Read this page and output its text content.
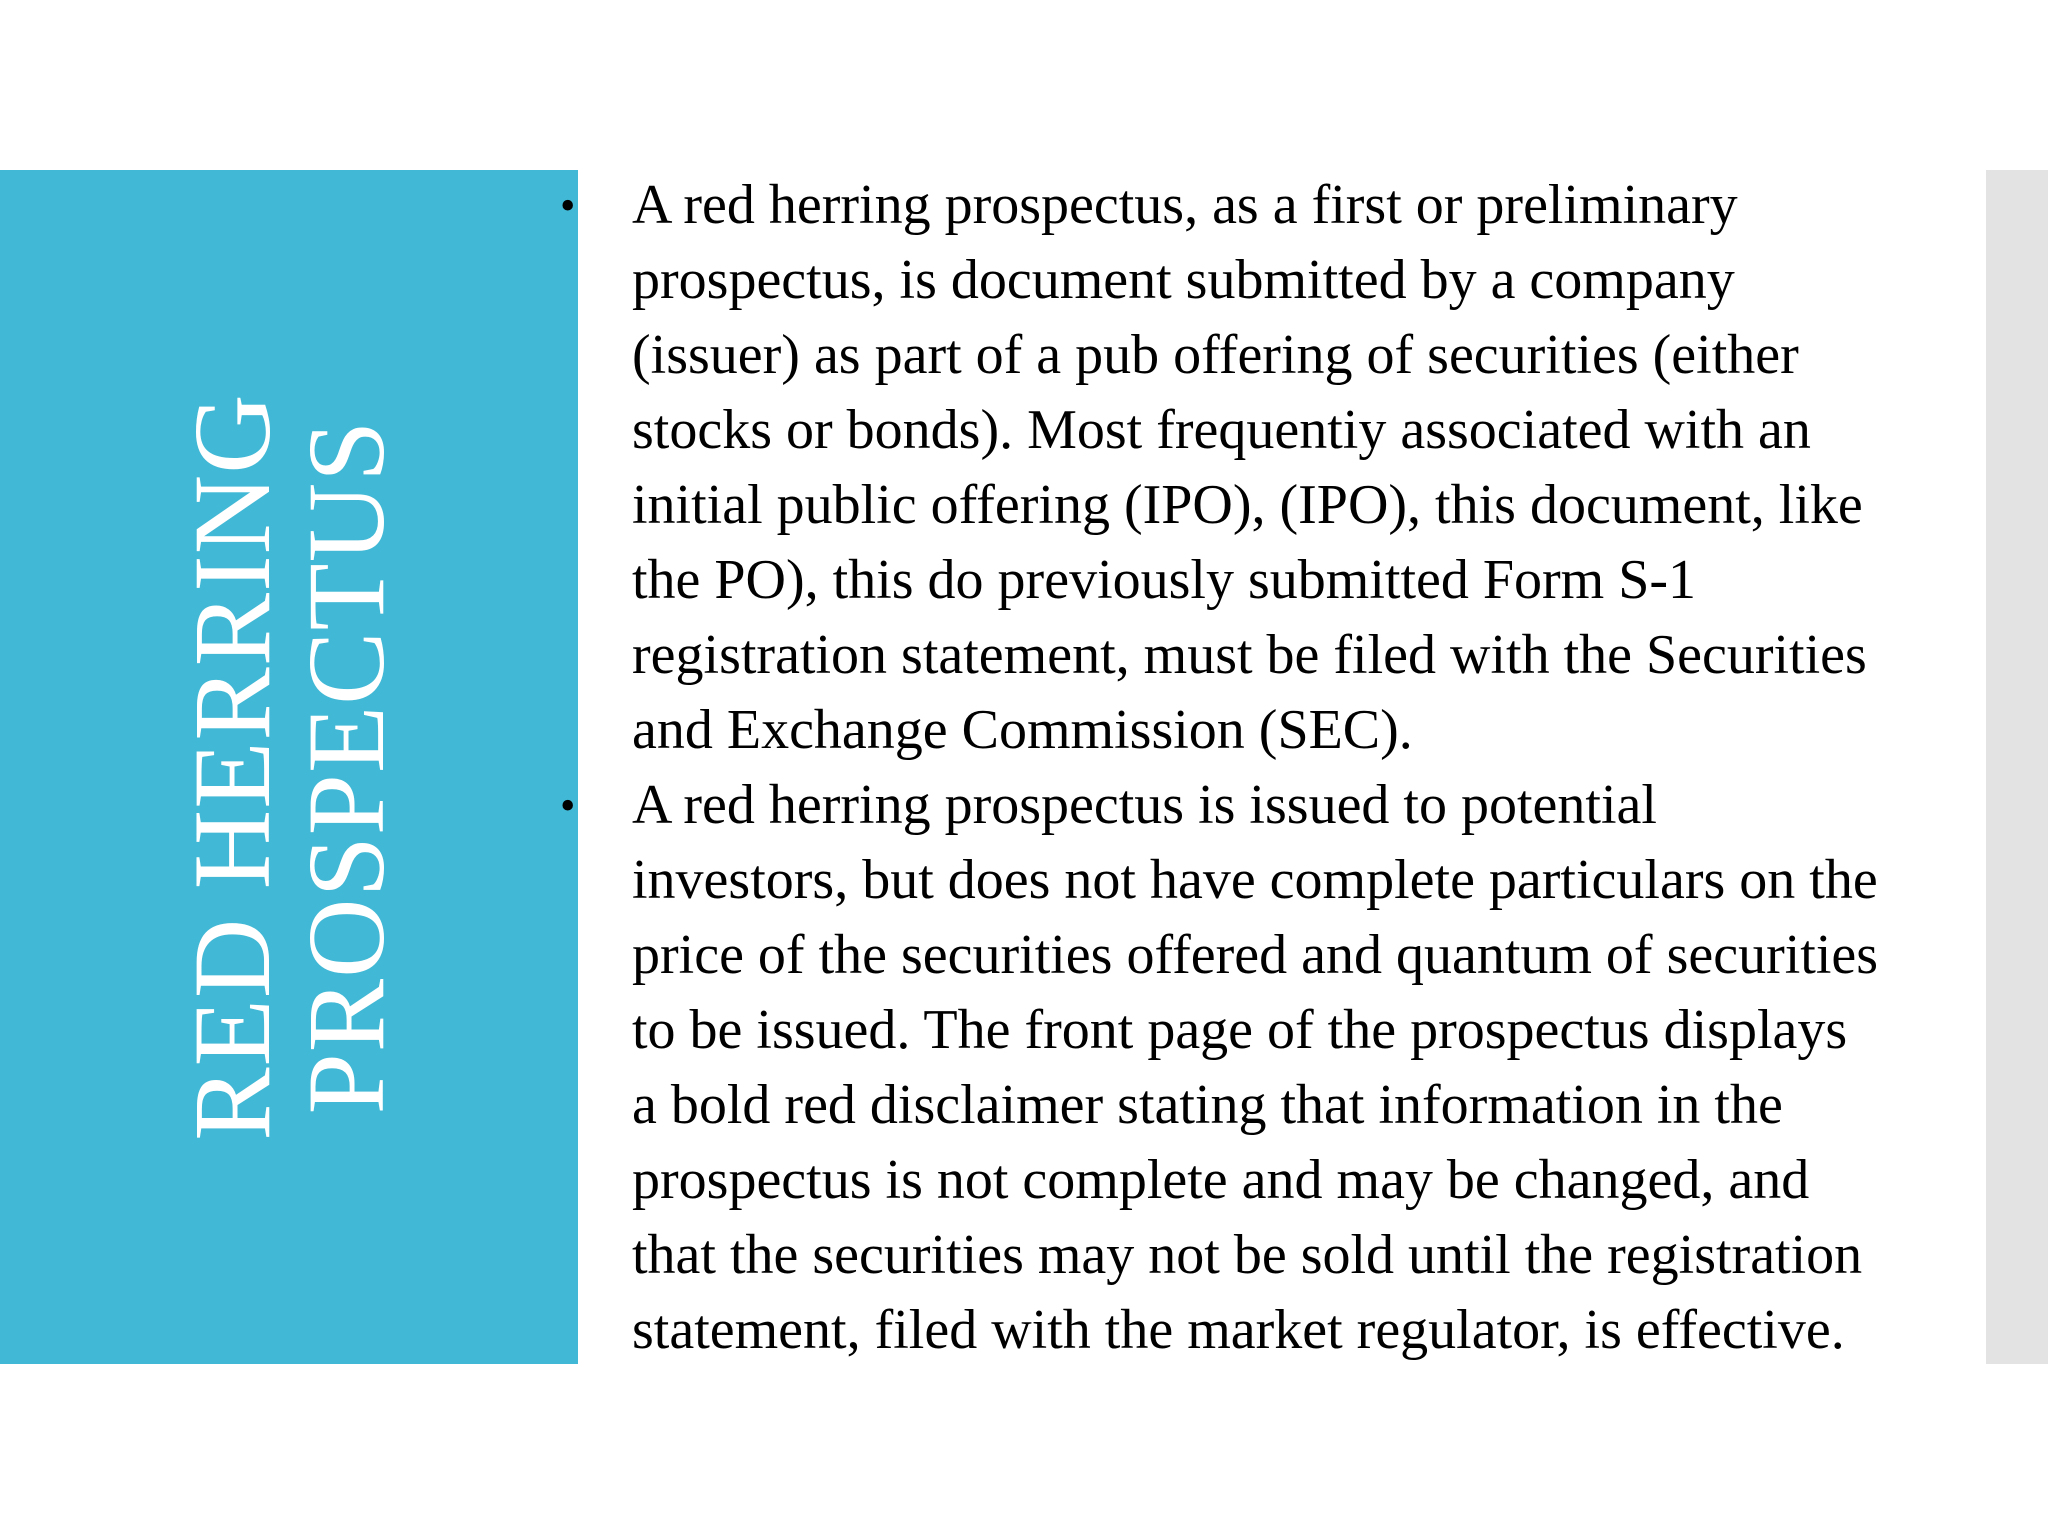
RED HERRING
PROSPECTUS
• A red herring prospectus, as a first or preliminary
prospectus, is document submitted by a company
(issuer) as part of a pub offering of securities (either
stocks or bonds). Most frequentiy associated with an
initial public offering (IPO), (IPO), this document, like
the PO), this do previously submitted Form S-1
registration statement, must be filed with the Securities
and Exchange Commission (SEC).
• A red herring prospectus is issued to potential
investors, but does not have complete particulars on the
price of the securities offered and quantum of securities
to be issued. The front page of the prospectus displays
a bold red disclaimer stating that information in the
prospectus is not complete and may be changed, and
that the securities may not be sold until the registration
statement, filed with the market regulator, is effective.
